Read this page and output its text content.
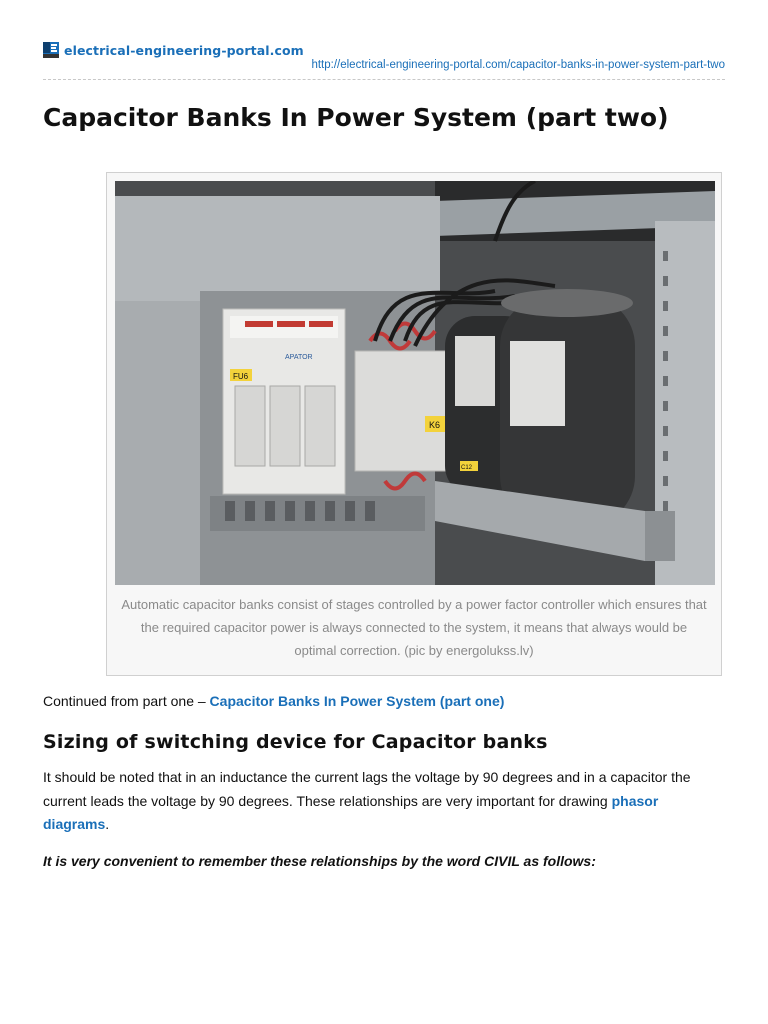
electrical-engineering-portal.com
http://electrical-engineering-portal.com/capacitor-banks-in-power-system-part-two
Capacitor Banks In Power System (part two)
FU6
APATOR
K6
C12
Automatic capacitor banks consist of stages controlled by a power factor controller which ensures that the required capacitor power is always connected to the system, it means that always would be optimal correction. (pic by energolukss.lv)
Continued from part one – Capacitor Banks In Power System (part one)
Sizing of switching device for Capacitor banks

It should be noted that in an inductance the current lags the voltage by 90 degrees and in a capacitor the current leads the voltage by 90 degrees. These relationships are very important for drawing phasor diagrams.

It is very convenient to remember these relationships by the word CIVIL as follows:
